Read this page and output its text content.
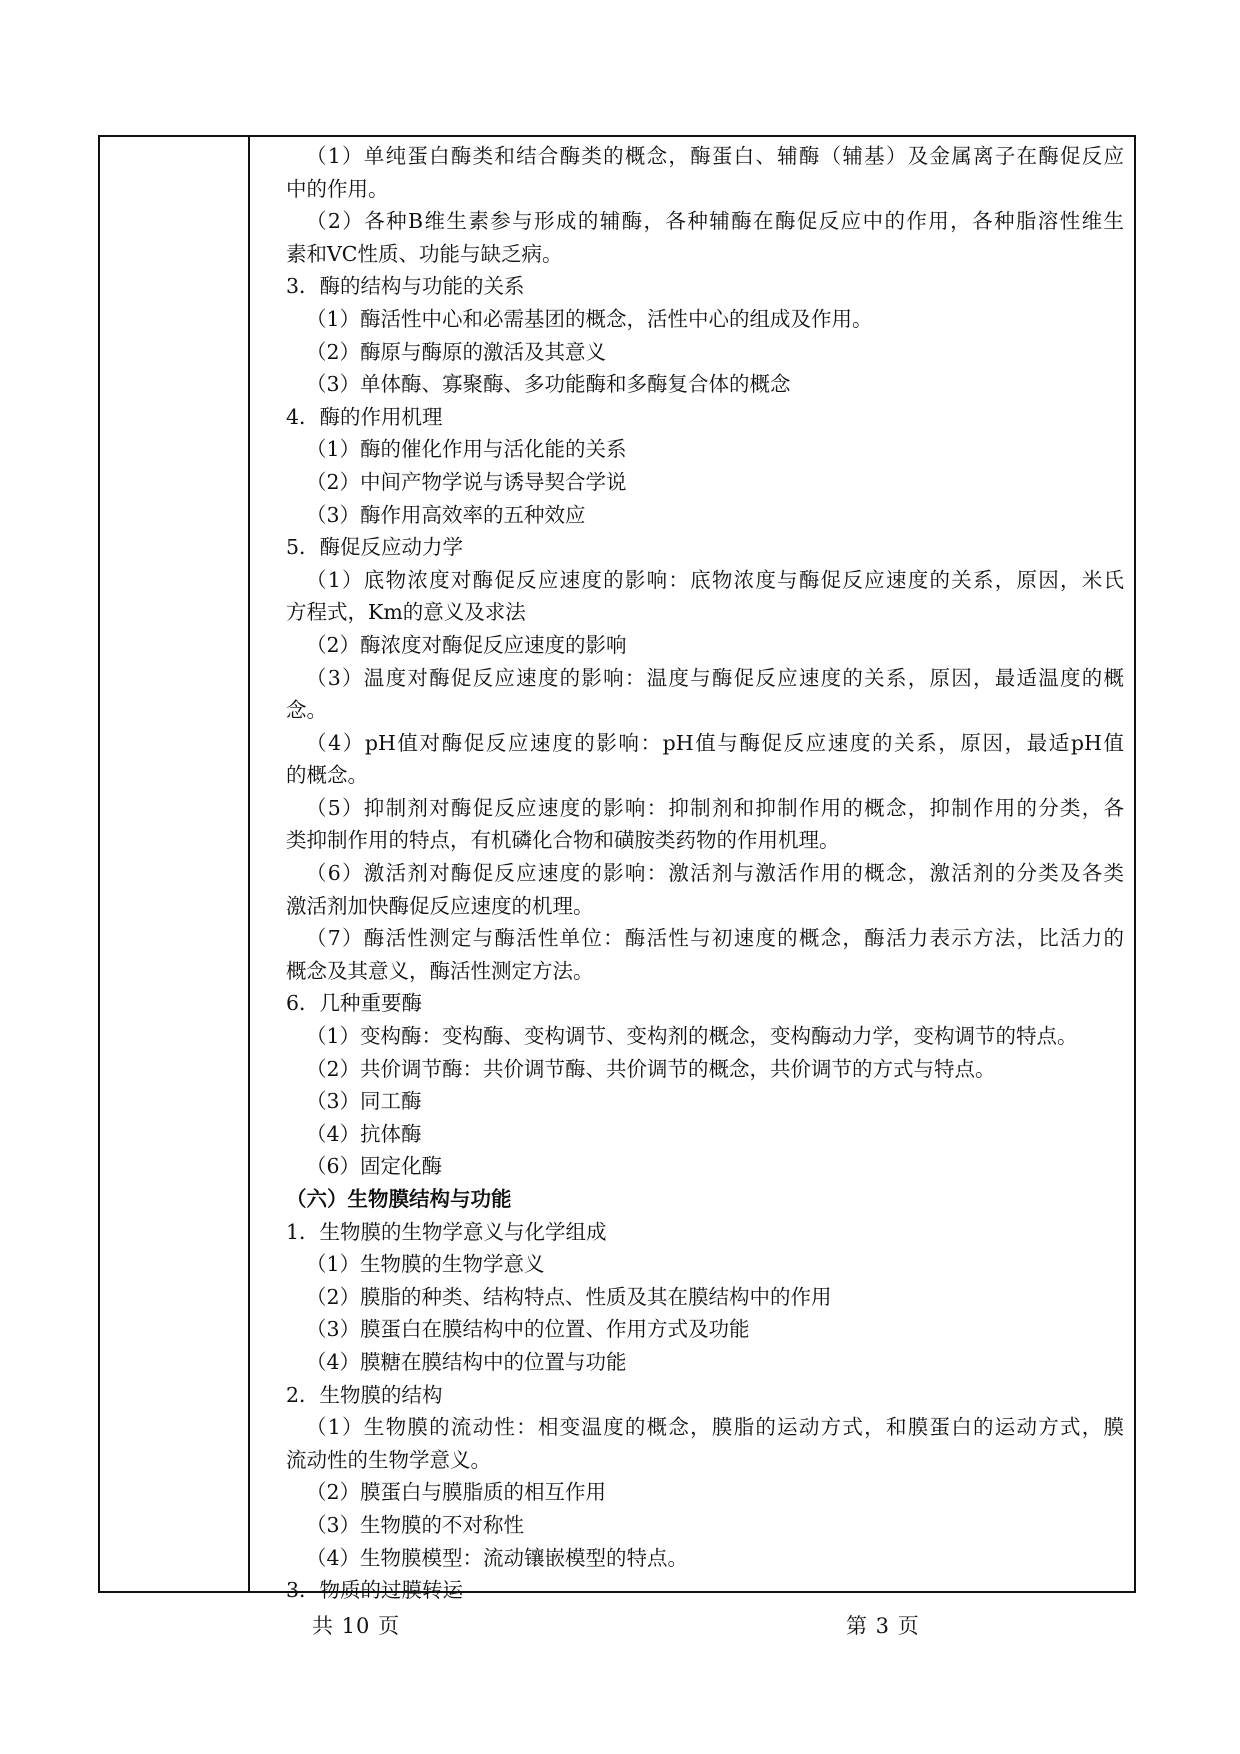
（1）单纯蛋白酶类和结合酶类的概念，酶蛋白、辅酶（辅基）及金属离子在酶促反应
中的作用。
（2）各种B维生素参与形成的辅酶，各种辅酶在酶促反应中的作用，各种脂溶性维生
素和VC性质、功能与缺乏病。
3．酶的结构与功能的关系
（1）酶活性中心和必需基团的概念，活性中心的组成及作用。
（2）酶原与酶原的激活及其意义
（3）单体酶、寡聚酶、多功能酶和多酶复合体的概念
4．酶的作用机理
（1）酶的催化作用与活化能的关系
（2）中间产物学说与诱导契合学说
（3）酶作用高效率的五种效应
5．酶促反应动力学
（1）底物浓度对酶促反应速度的影响：底物浓度与酶促反应速度的关系，原因，米氏
方程式，Km的意义及求法
（2）酶浓度对酶促反应速度的影响
（3）温度对酶促反应速度的影响：温度与酶促反应速度的关系，原因，最适温度的概
念。
（4）pH值对酶促反应速度的影响：pH值与酶促反应速度的关系，原因，最适pH值
的概念。
（5）抑制剂对酶促反应速度的影响：抑制剂和抑制作用的概念，抑制作用的分类，各
类抑制作用的特点，有机磷化合物和磺胺类药物的作用机理。
（6）激活剂对酶促反应速度的影响：激活剂与激活作用的概念，激活剂的分类及各类
激活剂加快酶促反应速度的机理。
（7）酶活性测定与酶活性单位：酶活性与初速度的概念，酶活力表示方法，比活力的
概念及其意义，酶活性测定方法。
6．几种重要酶
（1）变构酶：变构酶、变构调节、变构剂的概念，变构酶动力学，变构调节的特点。
（2）共价调节酶：共价调节酶、共价调节的概念，共价调节的方式与特点。
（3）同工酶
（4）抗体酶
（6）固定化酶
（六）生物膜结构与功能
1．生物膜的生物学意义与化学组成
（1）生物膜的生物学意义
（2）膜脂的种类、结构特点、性质及其在膜结构中的作用
（3）膜蛋白在膜结构中的位置、作用方式及功能
（4）膜糖在膜结构中的位置与功能
2．生物膜的结构
（1）生物膜的流动性：相变温度的概念，膜脂的运动方式，和膜蛋白的运动方式，膜
流动性的生物学意义。
（2）膜蛋白与膜脂质的相互作用
（3）生物膜的不对称性
（4）生物膜模型：流动镶嵌模型的特点。
3．物质的过膜转运
共 10 页	第 3 页
